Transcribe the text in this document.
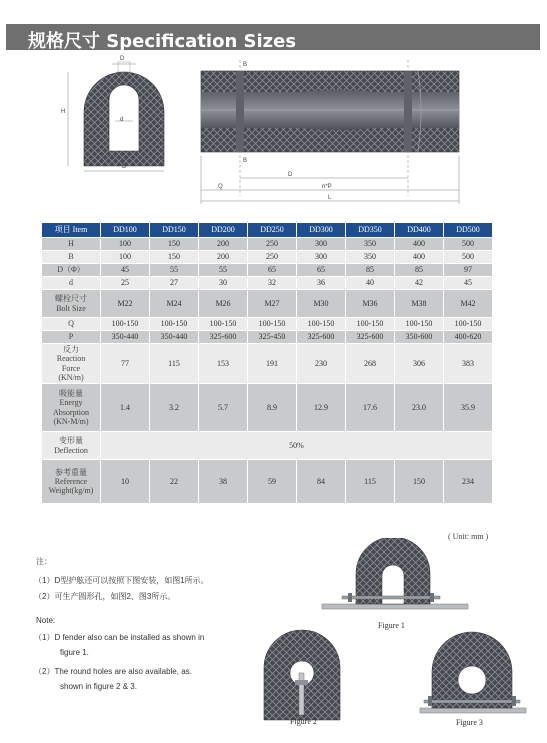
规格尺寸 Specification Sizes
D
H
d
B
B
B
D
Q	n*P
L
项目 Item	DD100	DD150	DD200	DD250	DD300	DD350	DD400	DD500

H	100	150	200	250	300	350	400	500

B	100	150	200	250	300	350	400	500

D（Φ）	45	55	55	65	65	85	85	97

d	25	27	30	32	36	40	42	45

螺栓尺寸
Bolt Size	M22	M24	M26	M27	M30	M36	M38	M42

Q	100-150	100-150	100-150	100-150	100-150	100-150	100-150	100-150

P	350-440	350-440	325-600	325-450	325-600	325-600	350-600	400-620

反力
Reaction
Force
(KN/m)	77	115	153	191	230	268	306	383

吸能量
Energy
Absorption
(KN-M/m)	1.4	3.2	5.7	8.9	12.9	17.6	23.0	35.9

变形量
Deflection	50%							

参考重量
Reference
Weight(kg/m)	10	22	38	59	84	115	150	234
( Unit: mm )
注：
（1）D型护舷还可以按照下图安装，如图1所示。
（2）可生产圆形孔，如图2、图3所示。
Note:
（1）D fender also can be installed as shown in
figure 1.
（2）The round holes are also available, as.
shown in figure 2 & 3.
Figure 1
Figure 2	Figure 3
